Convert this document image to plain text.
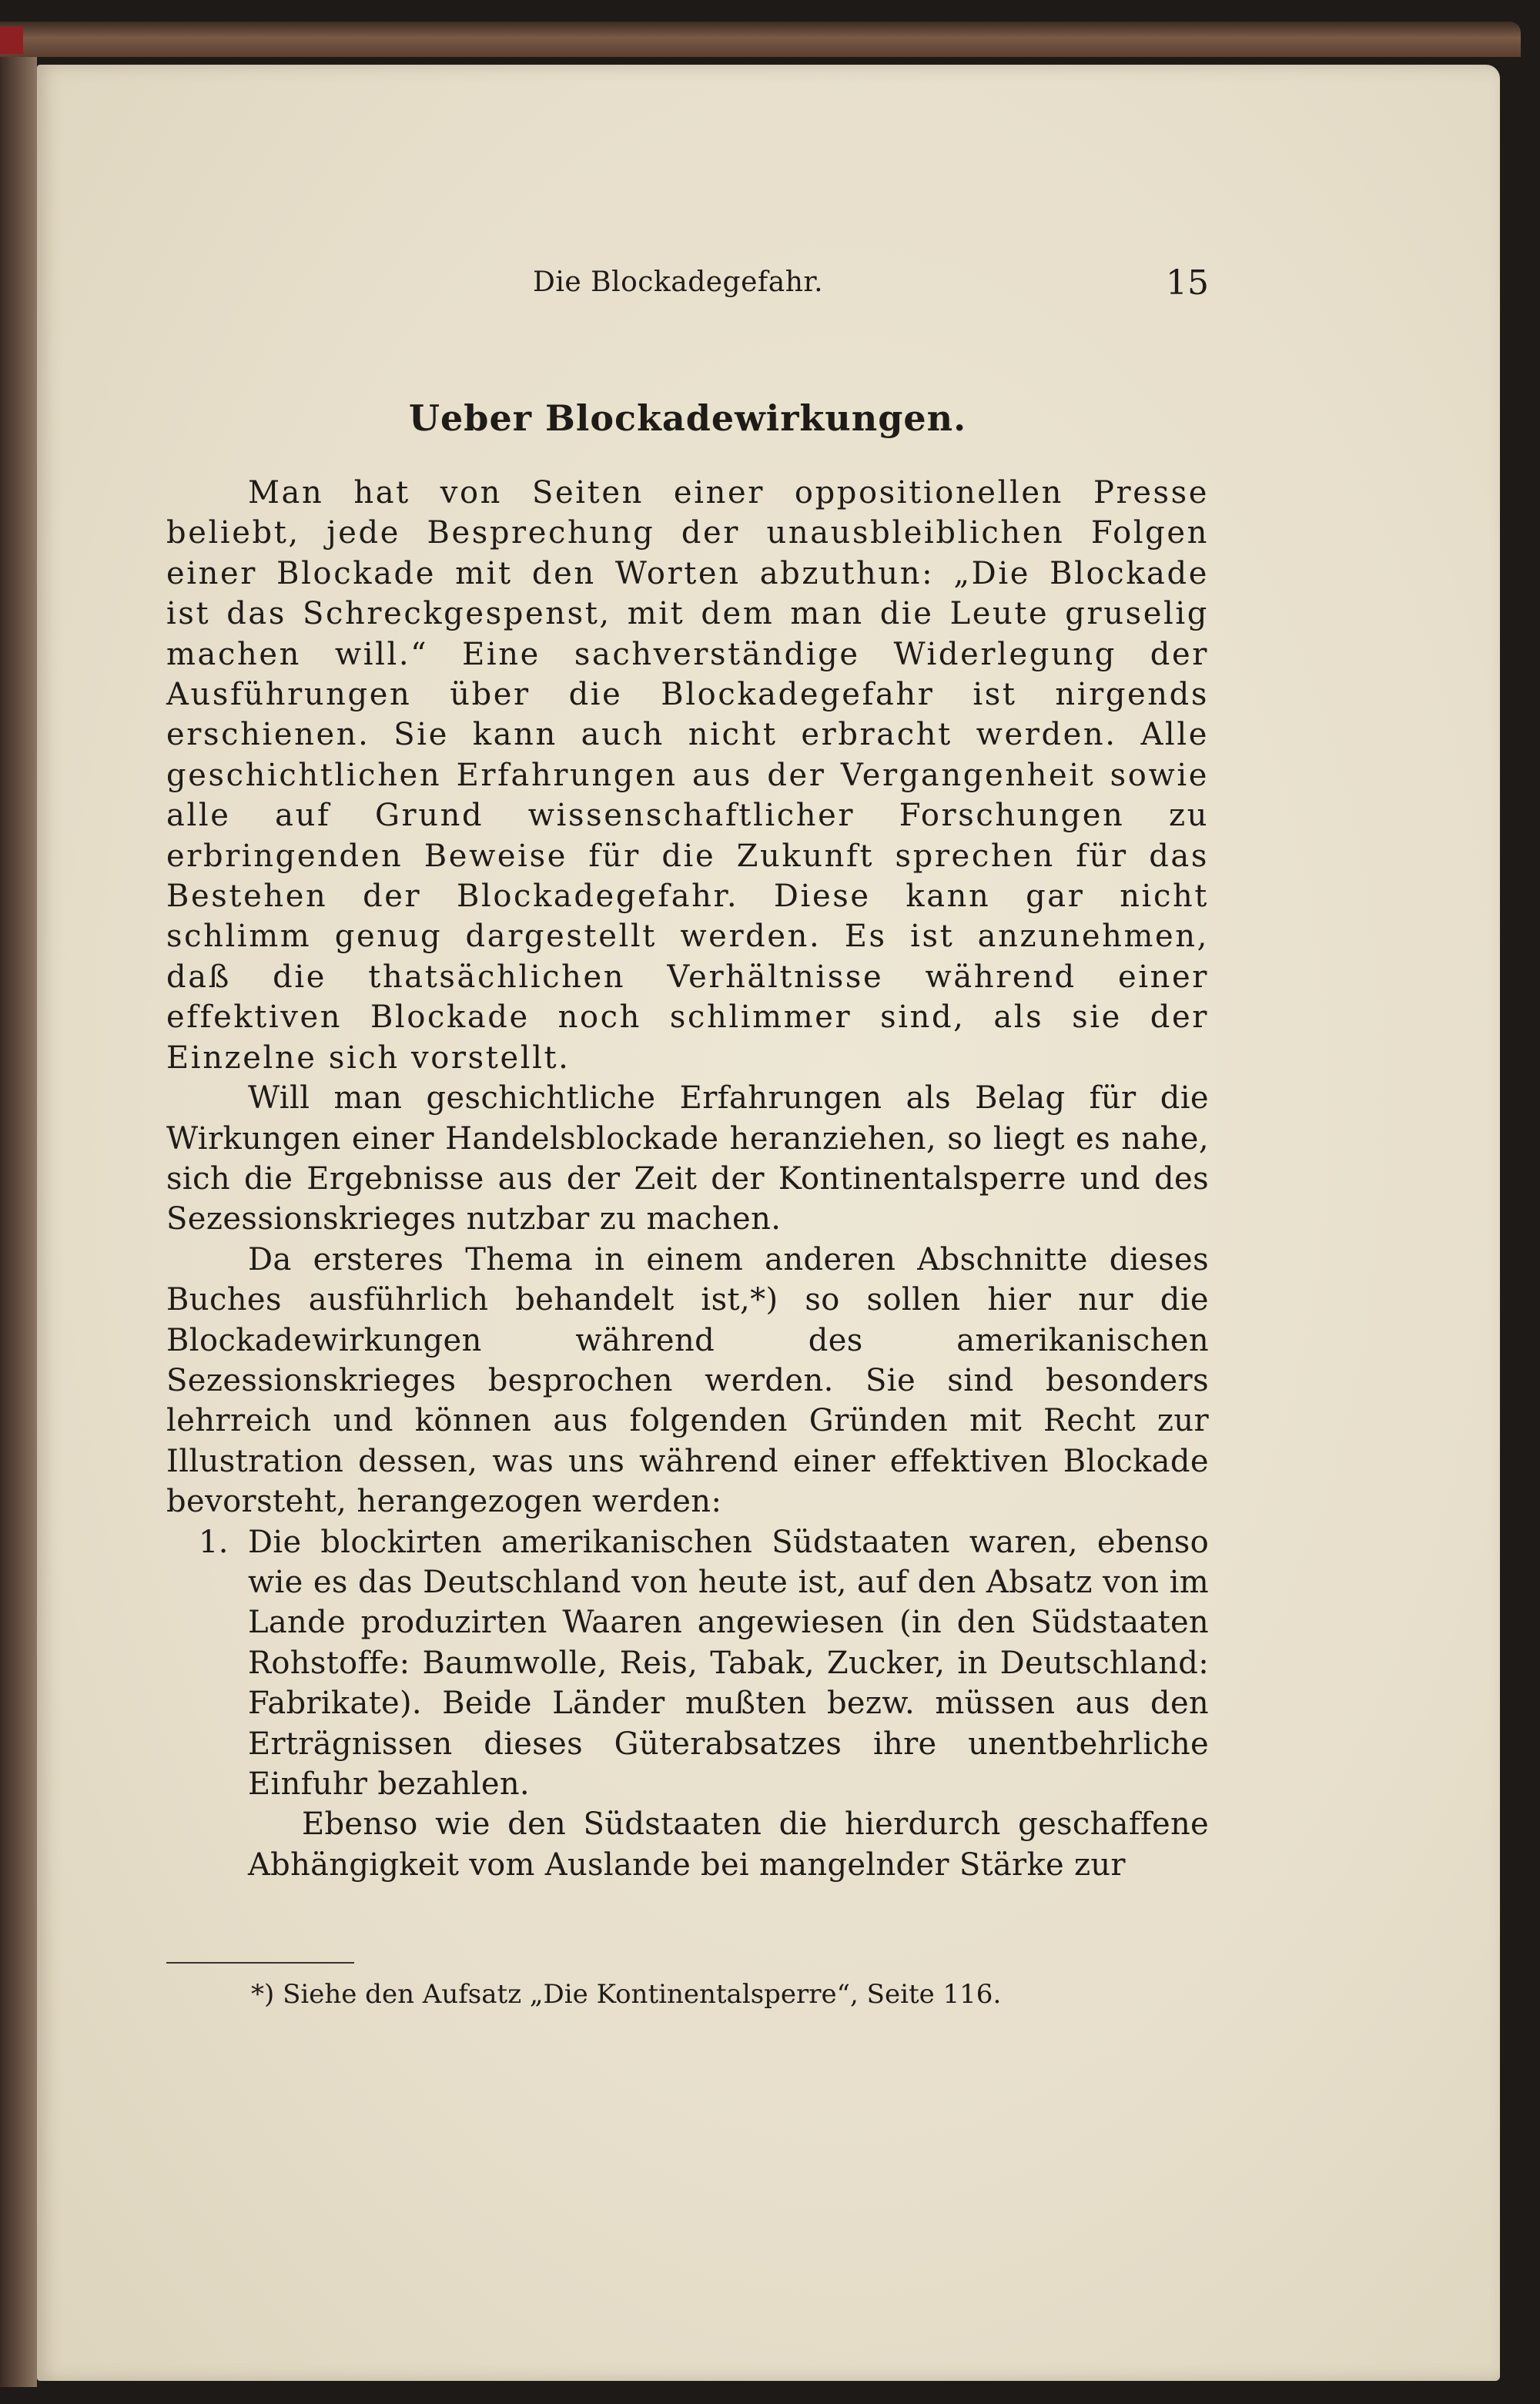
Die Blockadegefahr.	15
Ueber Blockadewirkungen.

Man hat von Seiten einer oppositionellen Presse beliebt, jede Besprechung der unausbleiblichen Folgen einer Blockade mit den Worten abzuthun: „Die Blockade ist das Schreckgespenst, mit dem man die Leute gruselig machen will.“ Eine sachverständige Widerlegung der Ausführungen über die Blockadegefahr ist nirgends erschienen. Sie kann auch nicht erbracht werden. Alle geschichtlichen Erfahrungen aus der Vergangenheit sowie alle auf Grund wissenschaftlicher Forschungen zu erbringenden Beweise für die Zukunft sprechen für das Bestehen der Blockadegefahr. Diese kann gar nicht schlimm genug dargestellt werden. Es ist anzunehmen, daß die thatsächlichen Verhältnisse während einer effektiven Blockade noch schlimmer sind, als sie der Einzelne sich vorstellt.

Will man geschichtliche Erfahrungen als Belag für die Wirkungen einer Handelsblockade heranziehen, so liegt es nahe, sich die Ergebnisse aus der Zeit der Kontinentalsperre und des Sezessionskrieges nutzbar zu machen.

Da ersteres Thema in einem anderen Abschnitte dieses Buches ausführlich behandelt ist,*) so sollen hier nur die Blockadewirkungen während des amerikanischen Sezessionskrieges besprochen werden. Sie sind besonders lehrreich und können aus folgenden Gründen mit Recht zur Illustration dessen, was uns während einer effektiven Blockade bevorsteht, herangezogen werden:

1. Die blockirten amerikanischen Südstaaten waren, ebenso wie es das Deutschland von heute ist, auf den Absatz von im Lande produzirten Waaren angewiesen (in den Südstaaten Rohstoffe: Baumwolle, Reis, Tabak, Zucker, in Deutschland: Fabrikate). Beide Länder mußten bezw. müssen aus den Erträgnissen dieses Güterabsatzes ihre unentbehrliche Einfuhr bezahlen.

Ebenso wie den Südstaaten die hierdurch geschaffene Abhängigkeit vom Auslande bei mangelnder Stärke zur

*) Siehe den Aufsatz „Die Kontinentalsperre“, Seite 116.
